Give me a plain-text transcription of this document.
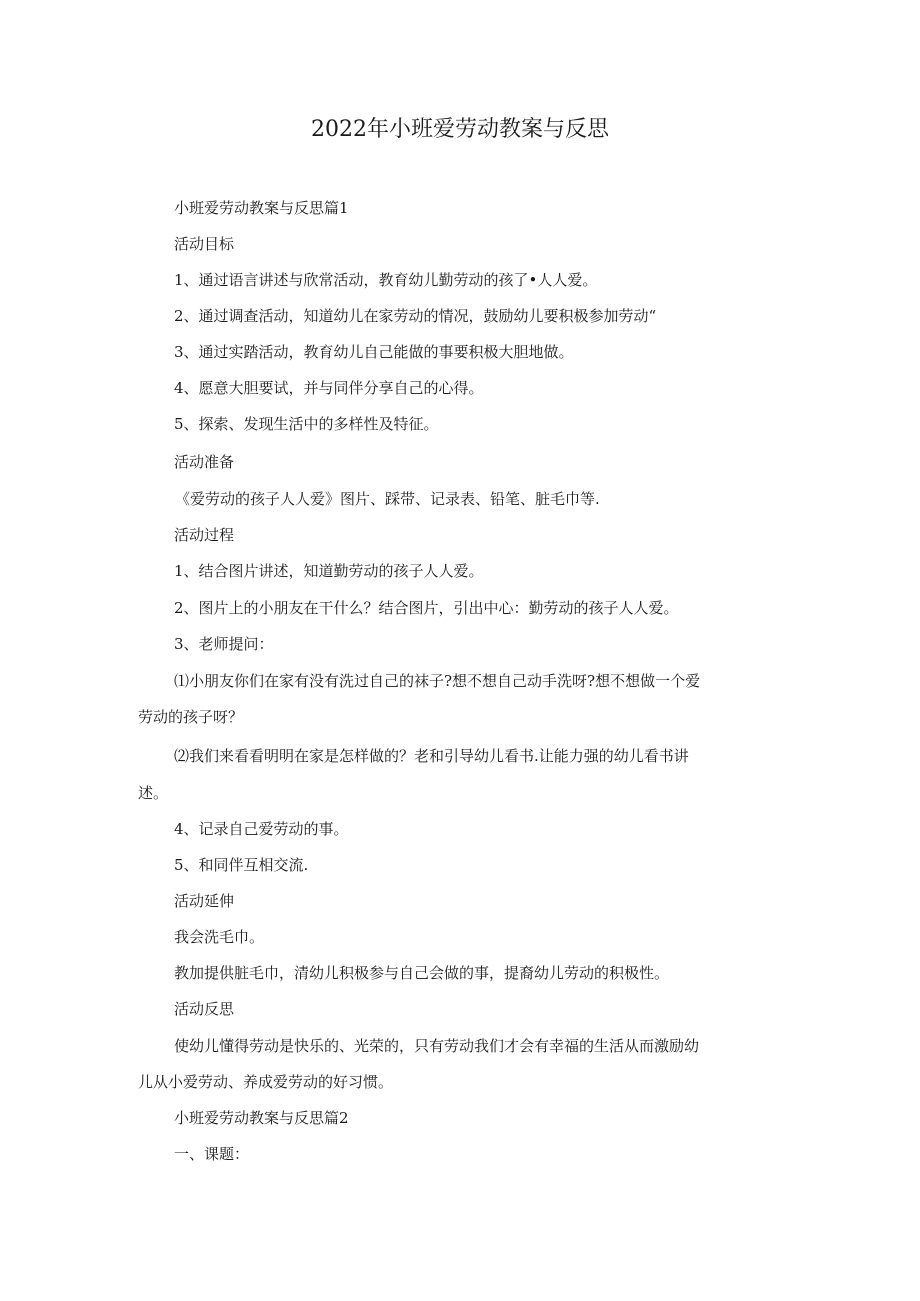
2022年小班爱劳动教案与反思

小班爱劳动教案与反思篇1

活动目标

1、通过语言讲述与欣常活动，教育幼儿勤劳动的孩了•人人爱。

2、通过调查活动，知道幼儿在家劳动的情况，鼓励幼儿要积极参加劳动“

3、通过实踏活动，教育幼儿自己能做的事要积极大胆地做。

4、愿意大胆要试，并与同伴分享自己的心得。

5、探索、发现生活中的多样性及特征。

活动准备

《爱劳动的孩子人人爱》图片、踩带、记录表、铅笔、脏毛巾等.

活动过程

1、结合图片讲述，知道勤劳动的孩子人人爱。

2、图片上的小朋友在干什么？结合图片，引出中心：勤劳动的孩子人人爱。

3、老师提问：

⑴小朋友你们在家有没有洗过自己的袜子?想不想自己动手洗呀?想不想做一个爱

劳动的孩子呀？

⑵我们来看看明明在家是怎样做的？老和引导幼儿看书.让能力强的幼儿看书讲

述。

4、记录自己爱劳动的事。

5、和同伴互相交流.

活动延伸

我会洗毛巾。

教加提供脏毛巾，清幼儿积极参与自己会做的事，提裔幼儿劳动的积极性。

活动反思

使幼儿懂得劳动是快乐的、光荣的，只有劳动我们才会有幸福的生活从而激励幼

儿从小爱劳动、养成爱劳动的好习惯。

小班爱劳动教案与反思篇2

一、课题：
